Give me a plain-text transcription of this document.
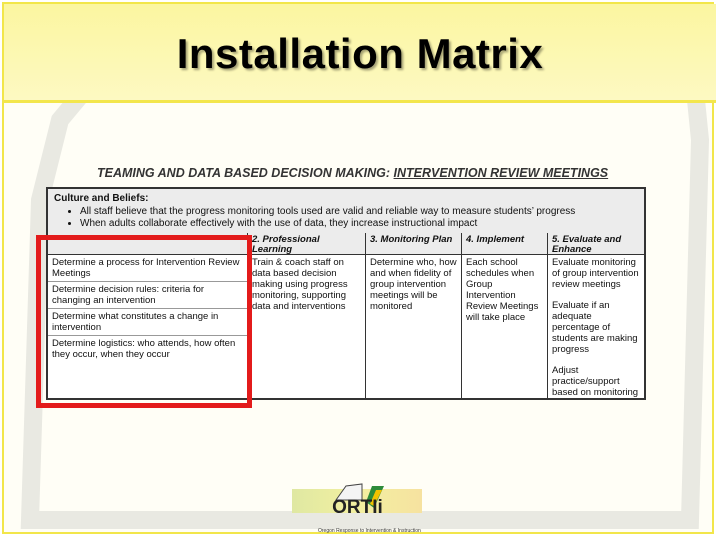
Installation Matrix
TEAMING AND DATA BASED DECISION MAKING: INTERVENTION REVIEW MEETINGS
Culture and Beliefs:
• All staff believe that the progress monitoring tools used are valid and reliable way to measure students’ progress
• When adults collaborate effectively with the use of data, they increase instructional impact
Determine a process for Intervention Review Meetings
Determine decision rules: criteria for changing an intervention
Determine what constitutes a change in intervention
Determine logistics: who attends, how often they occur, when they occur
2. Professional Learning

Train & coach staff on data based decision making using progress monitoring, supporting data and interventions

3. Monitoring Plan

Determine who, how and when fidelity of group intervention meetings will be monitored

4. Implement

Each school schedules when Group Intervention Review Meetings will take place

5. Evaluate and Enhance

Evaluate monitoring of group intervention review meetings

Evaluate if an adequate percentage of students are making progress

Adjust practice/support based on monitoring

ORTIi
Oregon Response to Intervention & Instruction
